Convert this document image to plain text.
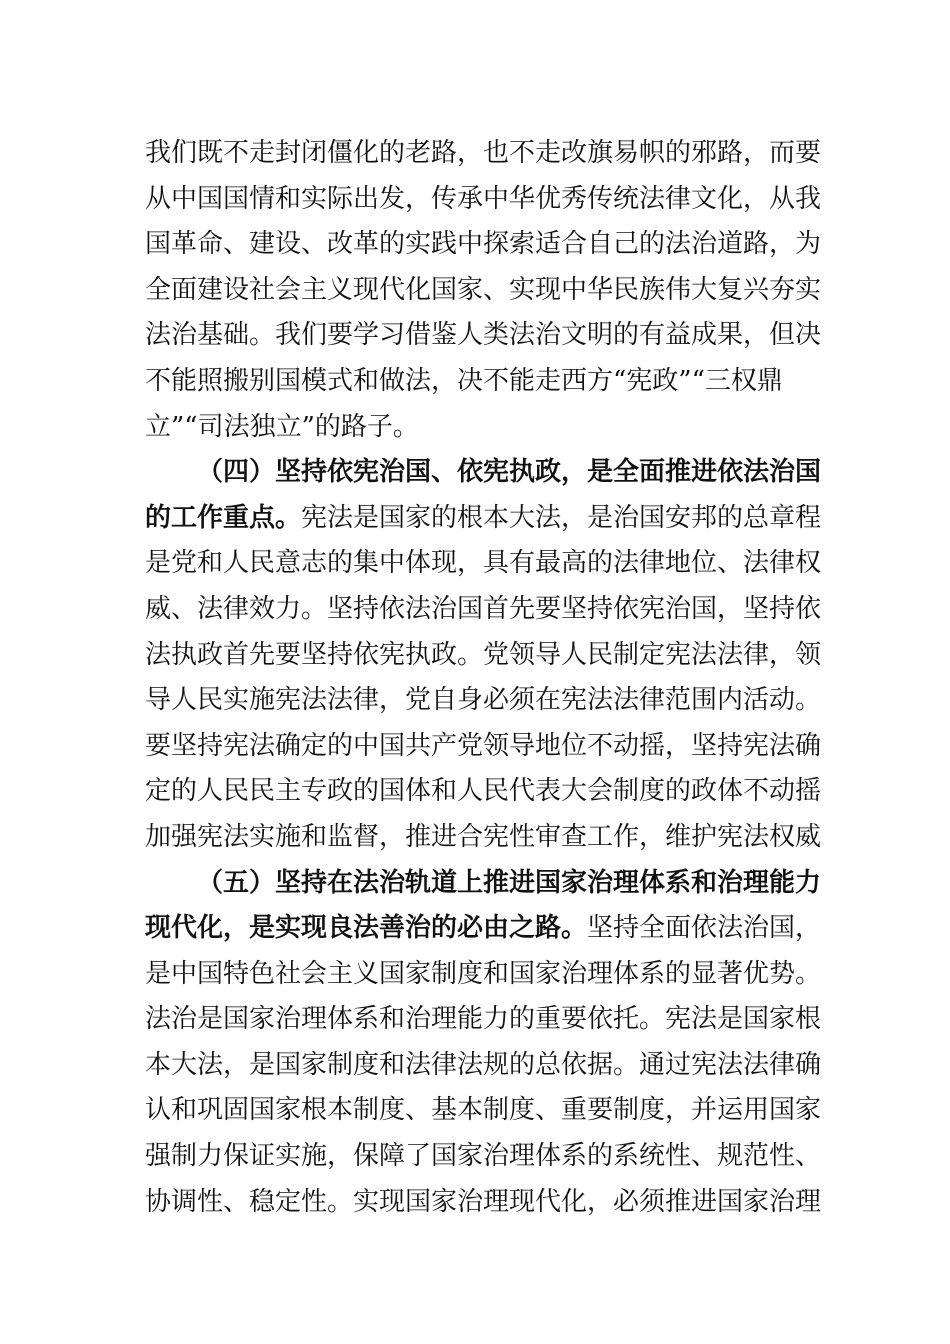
我们既不走封闭僵化的老路，也不走改旗易帜的邪路，而要
从中国国情和实际出发，传承中华优秀传统法律文化，从我
国革命、建设、改革的实践中探索适合自己的法治道路，为
全面建设社会主义现代化国家、实现中华民族伟大复兴夯实
法治基础。我们要学习借鉴人类法治文明的有益成果，但决
不能照搬别国模式和做法，决不能走西方“宪政”“三权鼎
立”“司法独立”的路子。
（四）坚持依宪治国、依宪执政，是全面推进依法治国
的工作重点。宪法是国家的根本大法，是治国安邦的总章程
是党和人民意志的集中体现，具有最高的法律地位、法律权
威、法律效力。坚持依法治国首先要坚持依宪治国，坚持依
法执政首先要坚持依宪执政。党领导人民制定宪法法律，领
导人民实施宪法法律，党自身必须在宪法法律范围内活动。
要坚持宪法确定的中国共产党领导地位不动摇，坚持宪法确
定的人民民主专政的国体和人民代表大会制度的政体不动摇
加强宪法实施和监督，推进合宪性审查工作，维护宪法权威
（五）坚持在法治轨道上推进国家治理体系和治理能力
现代化，是实现良法善治的必由之路。坚持全面依法治国，
是中国特色社会主义国家制度和国家治理体系的显著优势。
法治是国家治理体系和治理能力的重要依托。宪法是国家根
本大法，是国家制度和法律法规的总依据。通过宪法法律确
认和巩固国家根本制度、基本制度、重要制度，并运用国家
强制力保证实施，保障了国家治理体系的系统性、规范性、
协调性、稳定性。实现国家治理现代化，必须推进国家治理
